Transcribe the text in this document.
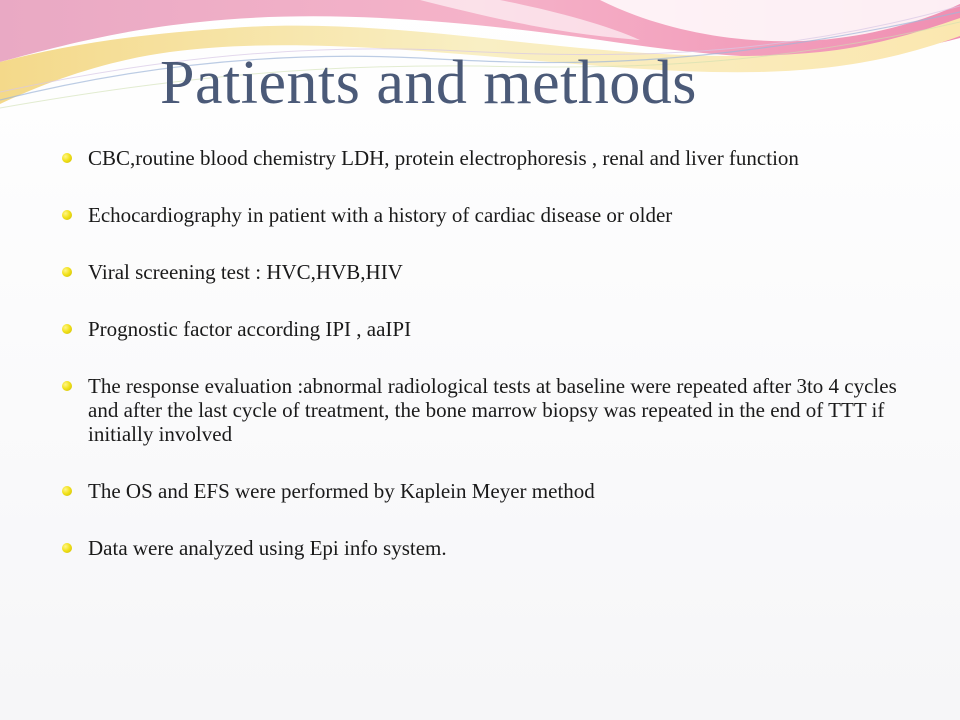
Patients and methods
CBC,routine blood chemistry LDH, protein electrophoresis , renal and liver function
Echocardiography in patient with a history of cardiac disease or older
Viral screening test : HVC,HVB,HIV
Prognostic factor according IPI , aaIPI
The response evaluation :abnormal radiological tests at baseline were repeated after 3to 4 cycles and after the last cycle of treatment, the bone marrow biopsy was repeated in the end of TTT if initially involved
The OS and EFS were performed by Kaplein Meyer method
Data were analyzed using Epi info system.
